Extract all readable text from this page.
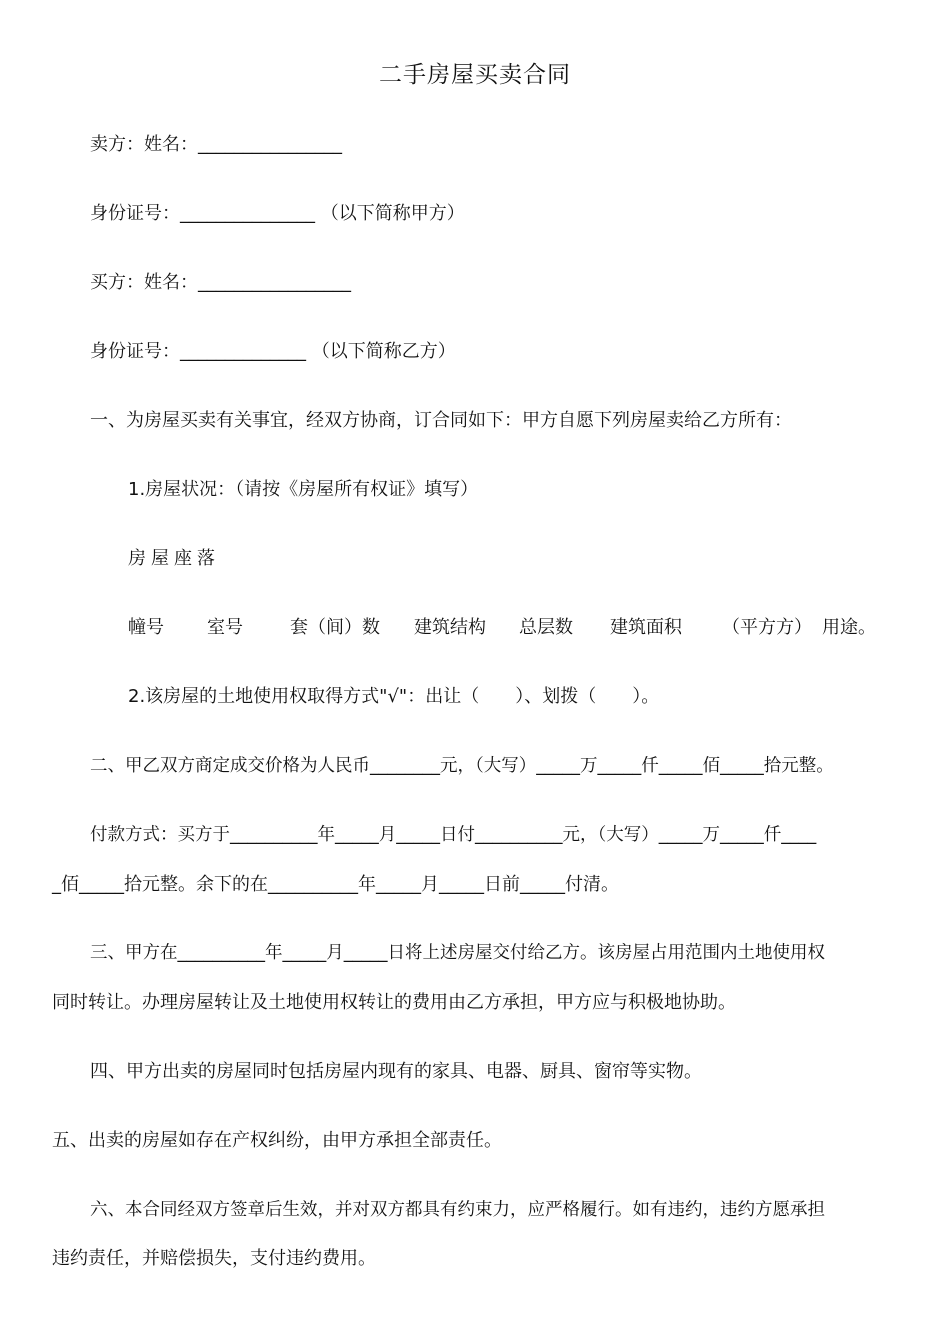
二手房屋买卖合同
卖方：姓名：________________
身份证号：_______________ （以下简称甲方）
买方：姓名：_________________
身份证号：______________ （以下简称乙方）
一、为房屋买卖有关事宜，经双方协商，订合同如下：甲方自愿下列房屋卖给乙方所有：
1.房屋状况：（请按《房屋所有权证》填写）
房屋座落
幢号 室号	套（间）数 建筑结构 总层数 建筑面积 （平方方） 用途。
2.该房屋的土地使用权取得方式"√"：出让（　　）、划拨（　　）。
二、甲乙双方商定成交价格为人民币________元，（大写）_____万_____仟_____佰_____拾元整。
付款方式：买方于__________年_____月_____日付__________元，（大写）_____万_____仟____
_佰_____拾元整。余下的在__________年_____月_____日前_____付清。
三、甲方在__________年_____月_____日将上述房屋交付给乙方。该房屋占用范围内土地使用权
同时转让。办理房屋转让及土地使用权转让的费用由乙方承担，甲方应与积极地协助。
四、甲方出卖的房屋同时包括房屋内现有的家具、电器、厨具、窗帘等实物。
五、出卖的房屋如存在产权纠纷，由甲方承担全部责任。
六、本合同经双方签章后生效，并对双方都具有约束力，应严格履行。如有违约，违约方愿承担
违约责任，并赔偿损失，支付违约费用。
